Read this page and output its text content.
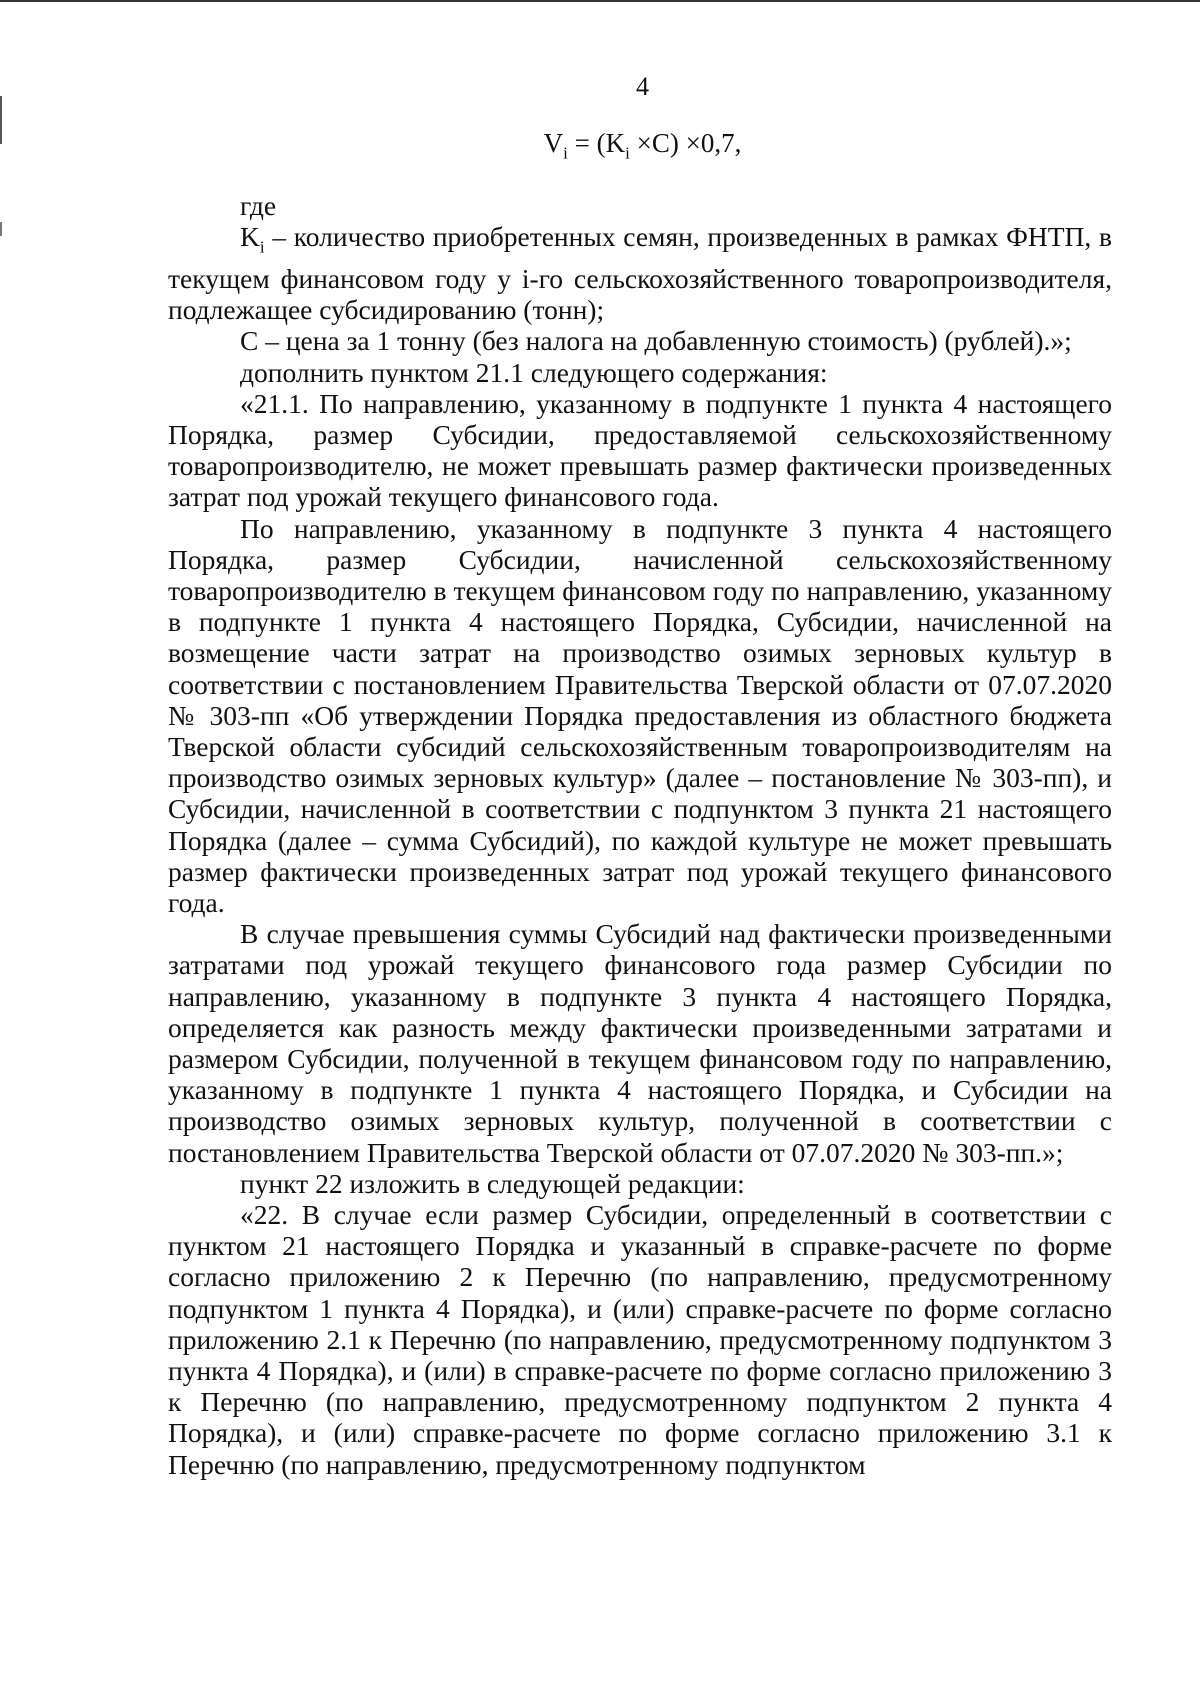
4
$V_i = (K_i \times C) \times 0,7$,

где

$K_i$ – количество приобретенных семян, произведенных в рамках ФНТП, в текущем финансовом году у i-го сельскохозяйственного товаропроизводителя, подлежащее субсидированию (тонн);

С – цена за 1 тонну (без налога на добавленную стоимость) (рублей).»;

дополнить пунктом 21.1 следующего содержания:

«21.1. По направлению, указанному в подпункте 1 пункта 4 настоящего Порядка, размер Субсидии, предоставляемой сельскохозяйственному товаропроизводителю, не может превышать размер фактически произведенных затрат под урожай текущего финансового года.

По направлению, указанному в подпункте 3 пункта 4 настоящего Порядка, размер Субсидии, начисленной сельскохозяйственному товаропроизводителю в текущем финансовом году по направлению, указанному в подпункте 1 пункта 4 настоящего Порядка, Субсидии, начисленной на возмещение части затрат на производство озимых зерновых культур в соответствии с постановлением Правительства Тверской области от 07.07.2020 № 303-пп «Об утверждении Порядка предоставления из областного бюджета Тверской области субсидий сельскохозяйственным товаропроизводителям на производство озимых зерновых культур» (далее – постановление № 303-пп), и Субсидии, начисленной в соответствии с подпунктом 3 пункта 21 настоящего Порядка (далее – сумма Субсидий), по каждой культуре не может превышать размер фактически произведенных затрат под урожай текущего финансового года.

В случае превышения суммы Субсидий над фактически произведенными затратами под урожай текущего финансового года размер Субсидии по направлению, указанному в подпункте 3 пункта 4 настоящего Порядка, определяется как разность между фактически произведенными затратами и размером Субсидии, полученной в текущем финансовом году по направлению, указанному в подпункте 1 пункта 4 настоящего Порядка, и Субсидии на производство озимых зерновых культур, полученной в соответствии с постановлением Правительства Тверской области от 07.07.2020 № 303-пп.»;

пункт 22 изложить в следующей редакции:

«22. В случае если размер Субсидии, определенный в соответствии с пунктом 21 настоящего Порядка и указанный в справке-расчете по форме согласно приложению 2 к Перечню (по направлению, предусмотренному подпунктом 1 пункта 4 Порядка), и (или) справке-расчете по форме согласно приложению 2.1 к Перечню (по направлению, предусмотренному подпунктом 3 пункта 4 Порядка), и (или) в справке-расчете по форме согласно приложению 3 к Перечню (по направлению, предусмотренному подпунктом 2 пункта 4 Порядка), и (или) справке-расчете по форме согласно приложению 3.1 к Перечню (по направлению, предусмотренному подпунктом
